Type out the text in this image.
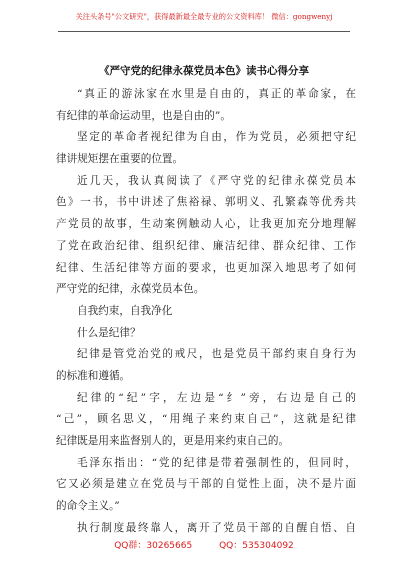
关注头条号"公文研究"，获得最新最全最专业的公文资料库！ 微信：gongwenyj
《严守党的纪律永葆党员本色》读书心得分享
“真正的游泳家在水里是自由的，真正的革命家，在
有纪律的革命运动里，也是自由的”。
坚定的革命者视纪律为自由，作为党员，必须把守纪
律讲规矩摆在重要的位置。
近几天，我认真阅读了《严守党的纪律永葆党员本
色》一书，书中讲述了焦裕禄、郭明义、孔繁森等优秀共
产党员的故事，生动案例触动人心，让我更加充分地理解
了党在政治纪律、组织纪律、廉洁纪律、群众纪律、工作
纪律、生活纪律等方面的要求，也更加深入地思考了如何
严守党的纪律，永葆党员本色。
自我约束，自我净化
什么是纪律？
纪律是管党治党的戒尺，也是党员干部约束自身行为
的标准和遵循。
纪律的“纪”字，左边是“纟”旁，右边是自己的
“己”，顾名思义，“用绳子来约束自己”，这就是纪律
纪律既是用来监督别人的，更是用来约束自己的。
毛泽东指出：“党的纪律是带着强制性的，但同时，
它又必须是建立在党员与干部的自觉性上面，决不是片面
的命令主义。”
执行制度最终靠人，离开了党员干部的自醒自悟、自
QQ群：30265665	QQ：535304092
